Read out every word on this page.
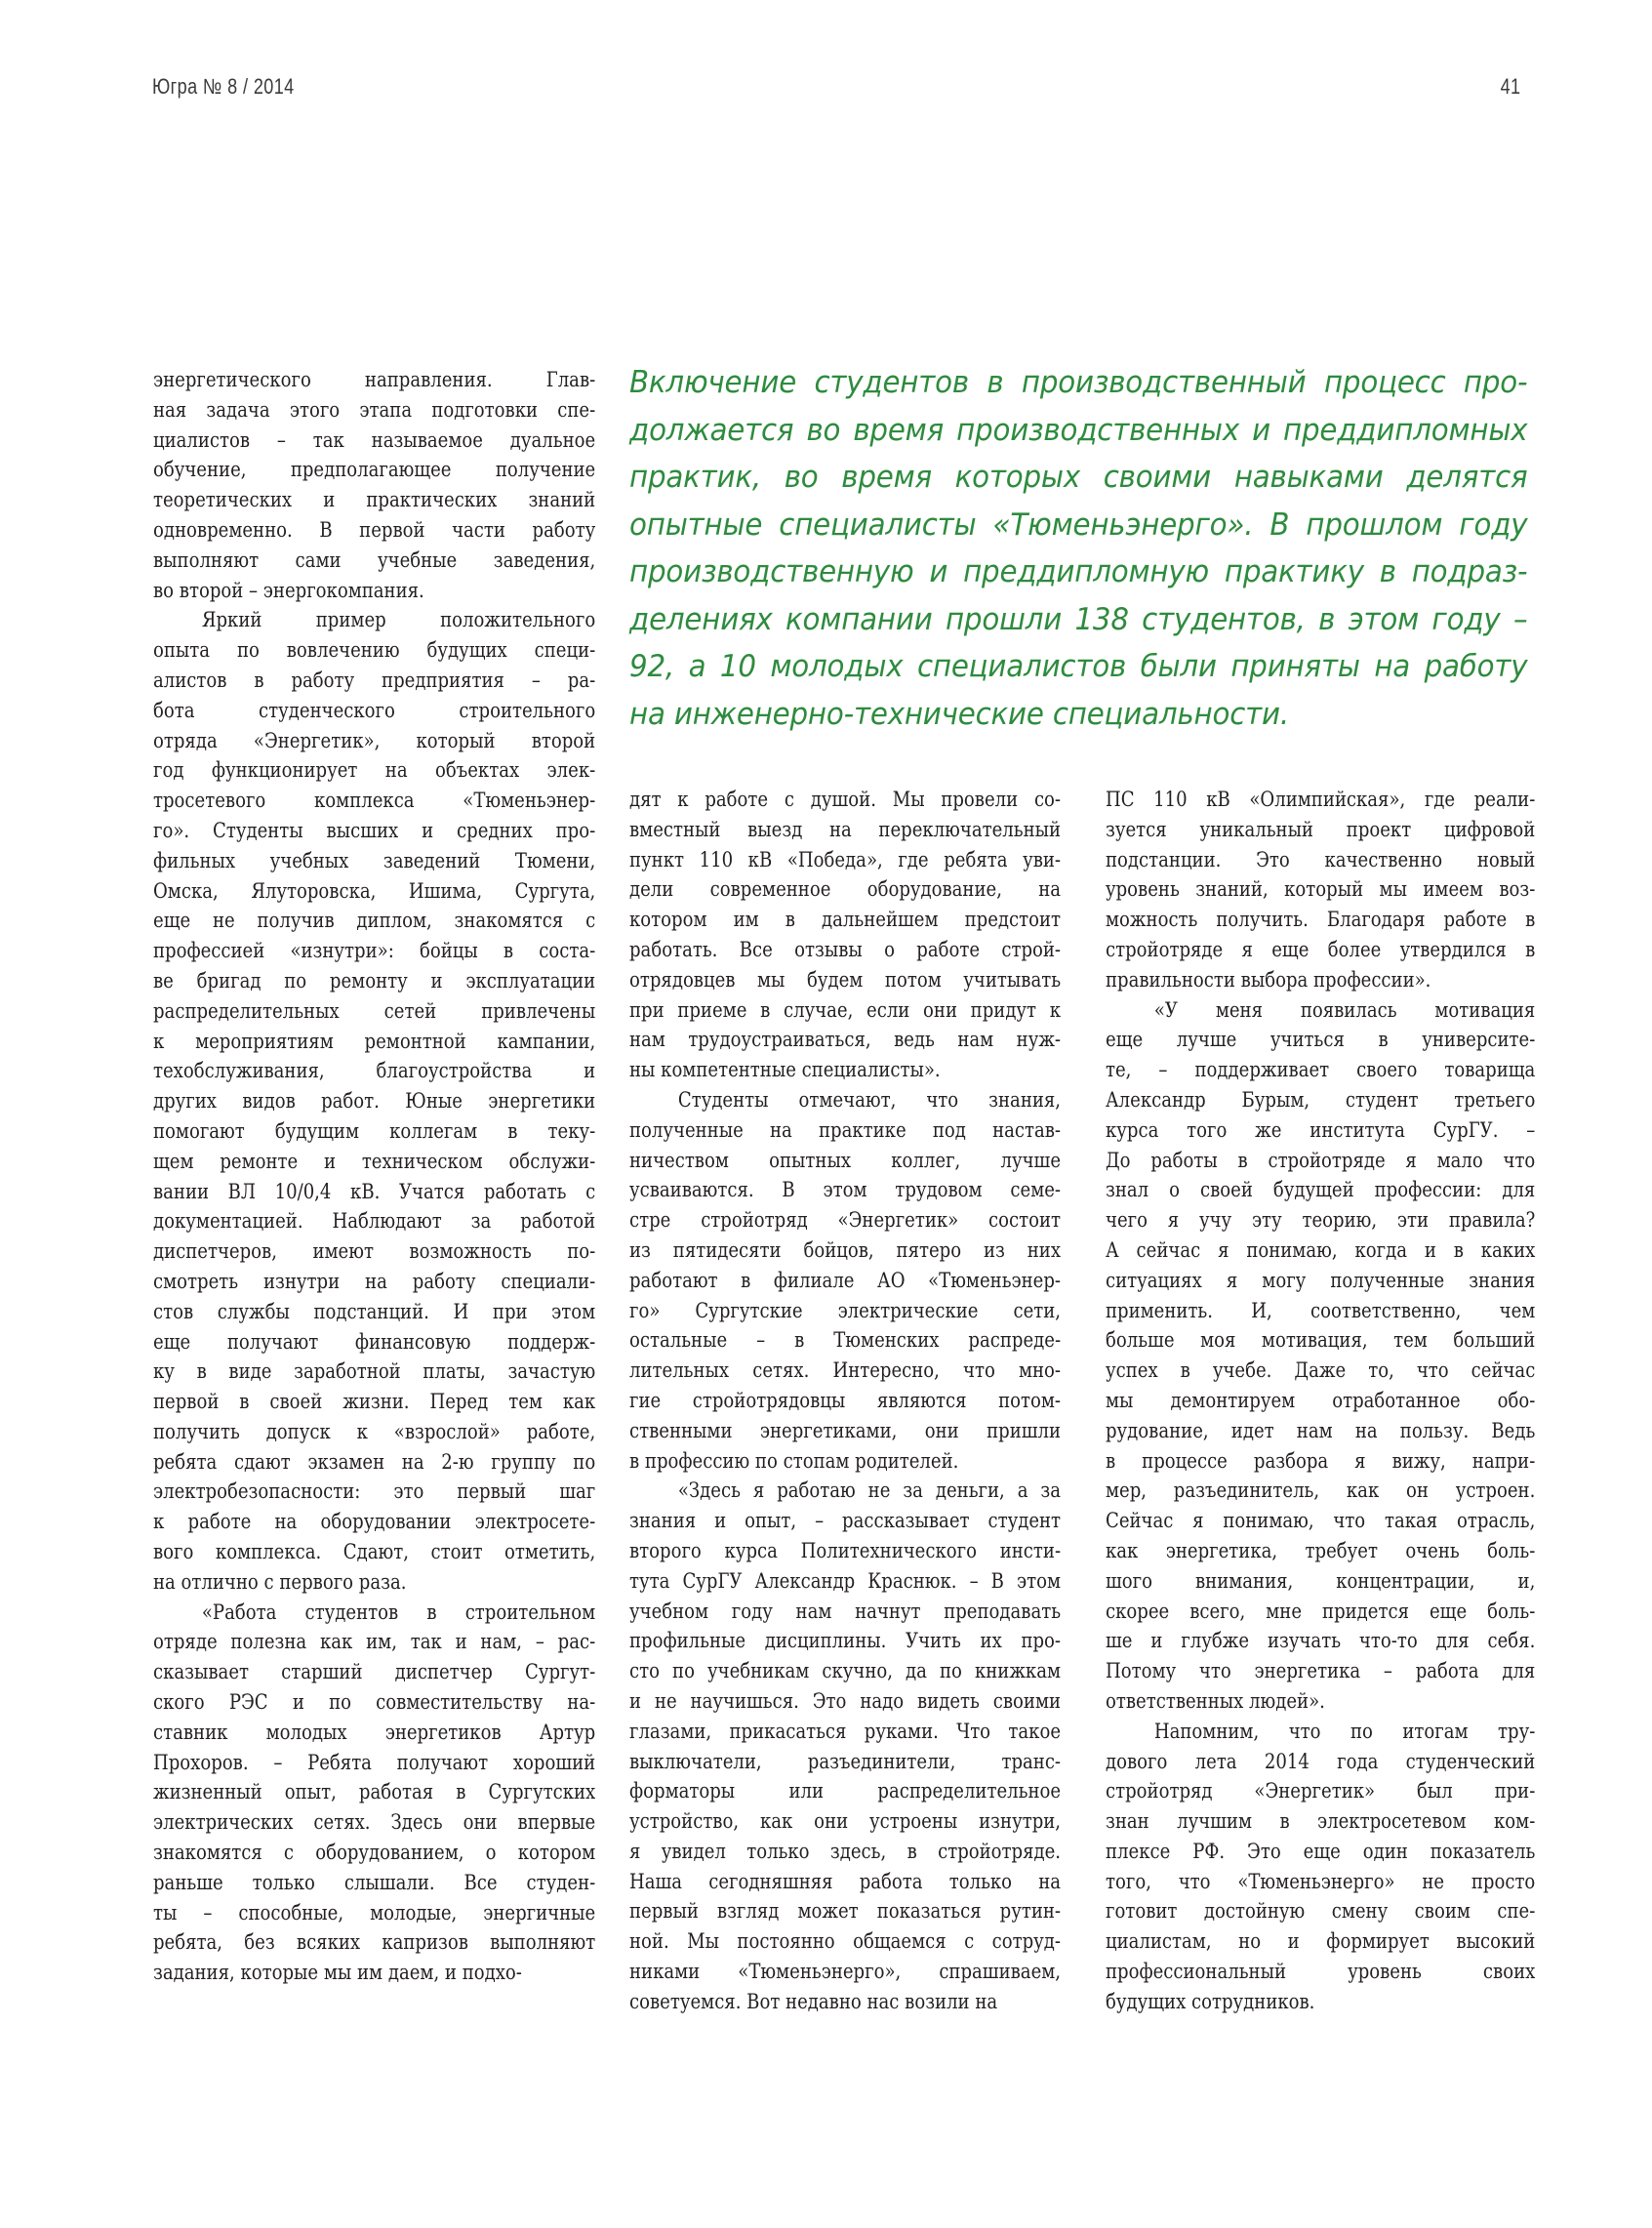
Югра № 8 / 2014	41
Включение студентов в производственный процесс про-
должается во время производственных и преддипломных
практик, во время которых своими навыками делятся
опытные специалисты «Тюменьэнерго». В прошлом году
производственную и преддипломную практику в подраз-
делениях компании прошли 138 студентов, в этом году –
92, а 10 молодых специалистов были приняты на работу
на инженерно-технические специальности.
энергетического направления. Глав-
ная задача этого этапа подготовки спе-
циалистов – так называемое дуальное
обучение, предполагающее получение
теоретических и практических знаний
одновременно. В первой части работу
выполняют сами учебные заведения,
во второй – энергокомпания.
Яркий пример положительного
опыта по вовлечению будущих специ-
алистов в работу предприятия – ра-
бота студенческого строительного
отряда «Энергетик», который второй
год функционирует на объектах элек-
тросетевого комплекса «Тюменьэнер-
го». Студенты высших и средних про-
фильных учебных заведений Тюмени,
Омска, Ялуторовска, Ишима, Сургута,
еще не получив диплом, знакомятся с
профессией «изнутри»: бойцы в соста-
ве бригад по ремонту и эксплуатации
распределительных сетей привлечены
к мероприятиям ремонтной кампании,
техобслуживания, благоустройства и
других видов работ. Юные энергетики
помогают будущим коллегам в теку-
щем ремонте и техническом обслужи-
вании ВЛ 10/0,4 кВ. Учатся работать с
документацией. Наблюдают за работой
диспетчеров, имеют возможность по-
смотреть изнутри на работу специали-
стов службы подстанций. И при этом
еще получают финансовую поддерж-
ку в виде заработной платы, зачастую
первой в своей жизни. Перед тем как
получить допуск к «взрослой» работе,
ребята сдают экзамен на 2-ю группу по
электробезопасности: это первый шаг
к работе на оборудовании электросете-
вого комплекса. Сдают, стоит отметить,
на отлично с первого раза.
«Работа студентов в строительном
отряде полезна как им, так и нам, – рас-
сказывает старший диспетчер Сургут-
ского РЭС и по совместительству на-
ставник молодых энергетиков Артур
Прохоров. – Ребята получают хороший
жизненный опыт, работая в Сургутских
электрических сетях. Здесь они впервые
знакомятся с оборудованием, о котором
раньше только слышали. Все студен-
ты – способные, молодые, энергичные
ребята, без всяких капризов выполняют
задания, которые мы им даем, и подхо-
дят к работе с душой. Мы провели со-
вместный выезд на переключательный
пункт 110 кВ «Победа», где ребята уви-
дели современное оборудование, на
котором им в дальнейшем предстоит
работать. Все отзывы о работе строй-
отрядовцев мы будем потом учитывать
при приеме в случае, если они придут к
нам трудоустраиваться, ведь нам нуж-
ны компетентные специалисты».
Студенты отмечают, что знания,
полученные на практике под настав-
ничеством опытных коллег, лучше
усваиваются. В этом трудовом семе-
стре стройотряд «Энергетик» состоит
из пятидесяти бойцов, пятеро из них
работают в филиале АО «Тюменьэнер-
го» Сургутские электрические сети,
остальные – в Тюменских распреде-
лительных сетях. Интересно, что мно-
гие стройотрядовцы являются потом-
ственными энергетиками, они пришли
в профессию по стопам родителей.
«Здесь я работаю не за деньги, а за
знания и опыт, – рассказывает студент
второго курса Политехнического инсти-
тута СурГУ Александр Краснюк. – В этом
учебном году нам начнут преподавать
профильные дисциплины. Учить их про-
сто по учебникам скучно, да по книжкам
и не научишься. Это надо видеть своими
глазами, прикасаться руками. Что такое
выключатели, разъединители, транс-
форматоры или распределительное
устройство, как они устроены изнутри,
я увидел только здесь, в стройотряде.
Наша сегодняшняя работа только на
первый взгляд может показаться рутин-
ной. Мы постоянно общаемся с сотруд-
никами «Тюменьэнерго», спрашиваем,
советуемся. Вот недавно нас возили на
ПС 110 кВ «Олимпийская», где реали-
зуется уникальный проект цифровой
подстанции. Это качественно новый
уровень знаний, который мы имеем воз-
можность получить. Благодаря работе в
стройотряде я еще более утвердился в
правильности выбора профессии».
«У меня появилась мотивация
еще лучше учиться в университе-
те, – поддерживает своего товарища
Александр Бурым, студент третьего
курса того же института СурГУ. –
До работы в стройотряде я мало что
знал о своей будущей профессии: для
чего я учу эту теорию, эти правила?
А сейчас я понимаю, когда и в каких
ситуациях я могу полученные знания
применить. И, соответственно, чем
больше моя мотивация, тем больший
успех в учебе. Даже то, что сейчас
мы демонтируем отработанное обо-
рудование, идет нам на пользу. Ведь
в процессе разбора я вижу, напри-
мер, разъединитель, как он устроен.
Сейчас я понимаю, что такая отрасль,
как энергетика, требует очень боль-
шого внимания, концентрации, и,
скорее всего, мне придется еще боль-
ше и глубже изучать что-то для себя.
Потому что энергетика – работа для
ответственных людей».
Напомним, что по итогам тру-
дового лета 2014 года студенческий
стройотряд «Энергетик» был при-
знан лучшим в электросетевом ком-
плексе РФ. Это еще один показатель
того, что «Тюменьэнерго» не просто
готовит достойную смену своим спе-
циалистам, но и формирует высокий
профессиональный уровень своих
будущих сотрудников.
